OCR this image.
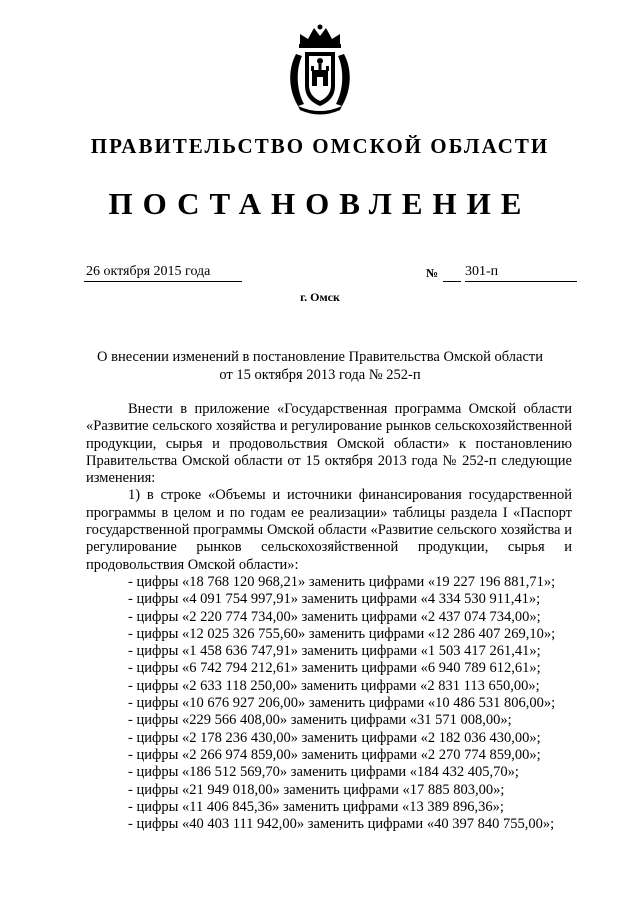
ПРАВИТЕЛЬСТВО ОМСКОЙ ОБЛАСТИ
ПОСТАНОВЛЕНИЕ
26 октября 2015 года	№ 301-п
г. Омск
О внесении изменений в постановление Правительства Омской области
от 15 октября 2013 года № 252-п

Внести в приложение «Государственная программа Омской области «Развитие сельского хозяйства и регулирование рынков сельскохозяйственной продукции, сырья и продовольствия Омской области» к постановлению Правительства Омской области от 15 октября 2013 года № 252-п следующие изменения:

1) в строке «Объемы и источники финансирования государственной программы в целом и по годам ее реализации» таблицы раздела I «Паспорт государственной программы Омской области «Развитие сельского хозяйства и регулирование рынков сельскохозяйственной продукции, сырья и продовольствия Омской области»:

- цифры «18 768 120 968,21» заменить цифрами «19 227 196 881,71»;
- цифры «4 091 754 997,91» заменить цифрами «4 334 530 911,41»;
- цифры «2 220 774 734,00» заменить цифрами «2 437 074 734,00»;
- цифры «12 025 326 755,60» заменить цифрами «12 286 407 269,10»;
- цифры «1 458 636 747,91» заменить цифрами «1 503 417 261,41»;
- цифры «6 742 794 212,61» заменить цифрами «6 940 789 612,61»;
- цифры «2 633 118 250,00» заменить цифрами «2 831 113 650,00»;
- цифры «10 676 927 206,00» заменить цифрами «10 486 531 806,00»;
- цифры «229 566 408,00» заменить цифрами «31 571 008,00»;
- цифры «2 178 236 430,00» заменить цифрами «2 182 036 430,00»;
- цифры «2 266 974 859,00» заменить цифрами «2 270 774 859,00»;
- цифры «186 512 569,70» заменить цифрами «184 432 405,70»;
- цифры «21 949 018,00» заменить цифрами «17 885 803,00»;
- цифры «11 406 845,36» заменить цифрами «13 389 896,36»;
- цифры «40 403 111 942,00» заменить цифрами «40 397 840 755,00»;
